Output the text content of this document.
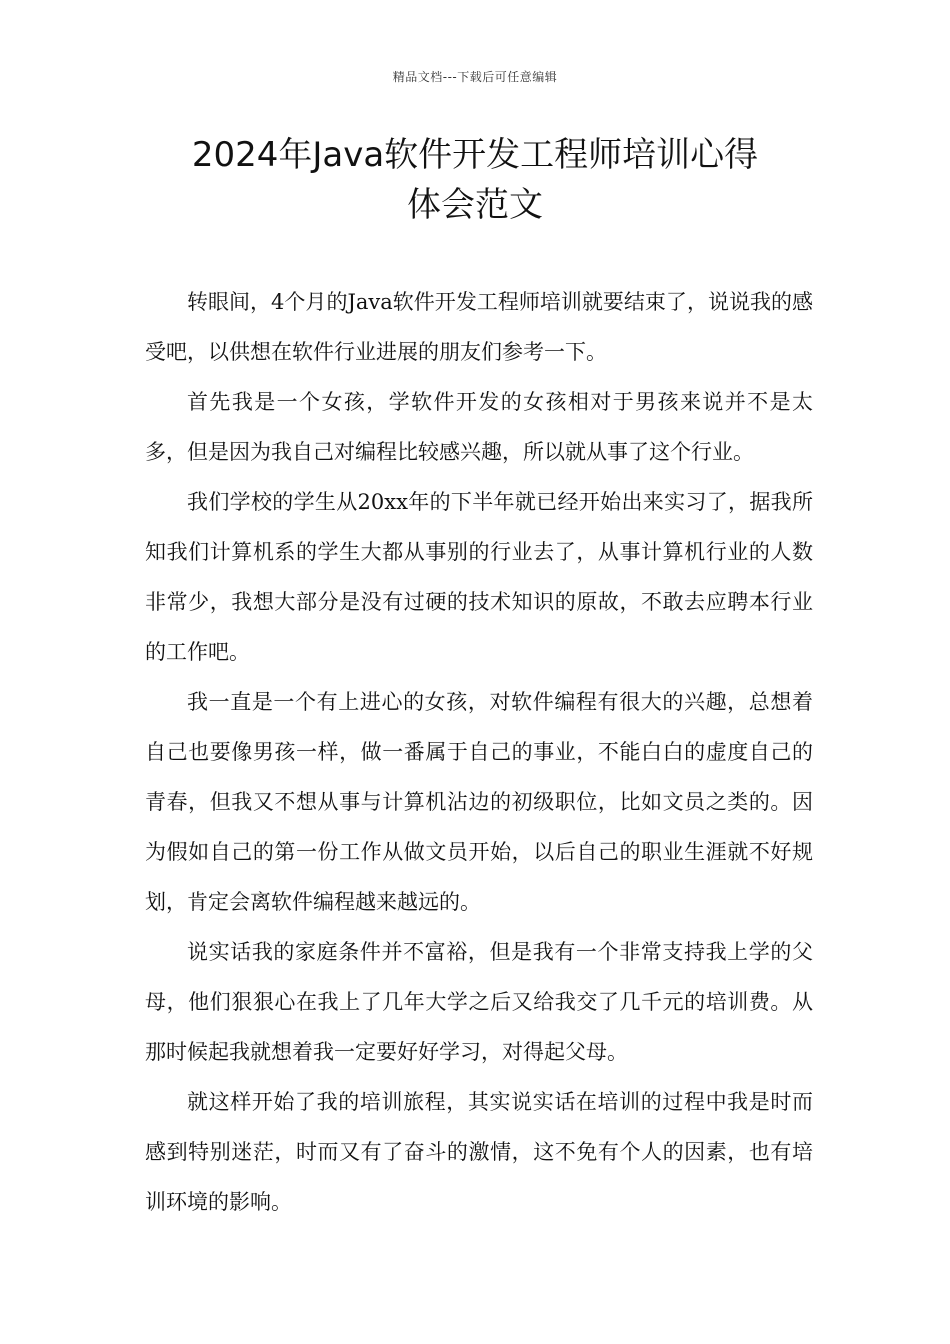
精品文档---下载后可任意编辑
2024年Java软件开发工程师培训心得
体会范文

转眼间，4个月的Java软件开发工程师培训就要结束了，说说我的感受吧，以供想在软件行业进展的朋友们参考一下。

首先我是一个女孩，学软件开发的女孩相对于男孩来说并不是太多，但是因为我自己对编程比较感兴趣，所以就从事了这个行业。

我们学校的学生从20xx年的下半年就已经开始出来实习了，据我所知我们计算机系的学生大都从事别的行业去了，从事计算机行业的人数非常少，我想大部分是没有过硬的技术知识的原故，不敢去应聘本行业的工作吧。

我一直是一个有上进心的女孩，对软件编程有很大的兴趣，总想着自己也要像男孩一样，做一番属于自己的事业，不能白白的虚度自己的青春，但我又不想从事与计算机沾边的初级职位，比如文员之类的。因为假如自己的第一份工作从做文员开始，以后自己的职业生涯就不好规划，肯定会离软件编程越来越远的。

说实话我的家庭条件并不富裕，但是我有一个非常支持我上学的父母，他们狠狠心在我上了几年大学之后又给我交了几千元的培训费。从那时候起我就想着我一定要好好学习，对得起父母。

就这样开始了我的培训旅程，其实说实话在培训的过程中我是时而感到特别迷茫，时而又有了奋斗的激情，这不免有个人的因素，也有培训环境的影响。
